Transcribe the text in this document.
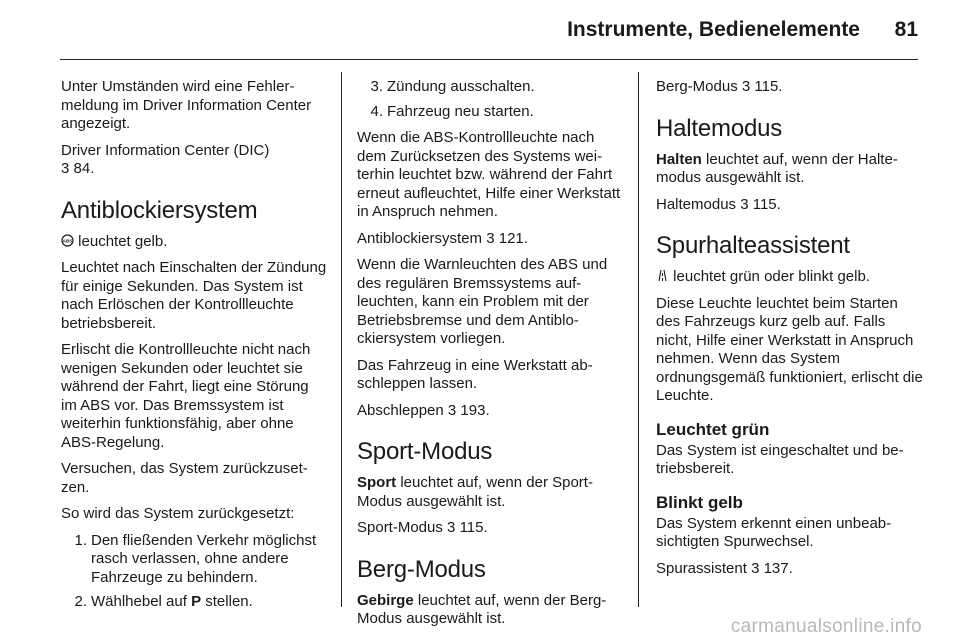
Instrumente, Bedienelemente 81

Unter Umständen wird eine Fehlermeldung im Driver Information Center angezeigt.

Driver Information Center (DIC)
3 84.

Antiblockiersystem

ABS leuchtet gelb.

Leuchtet nach Einschalten der Zündung für einige Sekunden. Das System ist nach Erlöschen der Kontrollleuchte betriebsbereit.

Erlischt die Kontrollleuchte nicht nach wenigen Sekunden oder leuchtet sie während der Fahrt, liegt eine Störung im ABS vor. Das Bremssystem ist weiterhin funktionsfähig, aber ohne ABS-Regelung.

Versuchen, das System zurückzusetzen.

So wird das System zurückgesetzt:

1. Den fließenden Verkehr möglichst rasch verlassen, ohne andere Fahrzeuge zu behindern.
2. Wählhebel auf P stellen.
3. Zündung ausschalten.
4. Fahrzeug neu starten.

Wenn die ABS-Kontrollleuchte nach dem Zurücksetzen des Systems weiterhin leuchtet bzw. während der Fahrt erneut aufleuchtet, Hilfe einer Werkstatt in Anspruch nehmen.

Antiblockiersystem 3 121.

Wenn die Warnleuchten des ABS und des regulären Bremssystems aufleuchten, kann ein Problem mit der Betriebsbremse und dem Antiblockiersystem vorliegen.

Das Fahrzeug in eine Werkstatt abschleppen lassen.

Abschleppen 3 193.

Sport-Modus

Sport leuchtet auf, wenn der Sport-Modus ausgewählt ist.

Sport-Modus 3 115.

Berg-Modus

Gebirge leuchtet auf, wenn der Berg-Modus ausgewählt ist.

Berg-Modus 3 115.

Haltemodus

Halten leuchtet auf, wenn der Haltemodus ausgewählt ist.

Haltemodus 3 115.

Spurhalteassistent

leuchtet grün oder blinkt gelb.

Diese Leuchte leuchtet beim Starten des Fahrzeugs kurz gelb auf. Falls nicht, Hilfe einer Werkstatt in Anspruch nehmen. Wenn das System ordnungsgemäß funktioniert, erlischt die Leuchte.

Leuchtet grün

Das System ist eingeschaltet und betriebsbereit.

Blinkt gelb

Das System erkennt einen unbeabsichtigten Spurwechsel.

Spurassistent 3 137.

carmanualsonline.info
